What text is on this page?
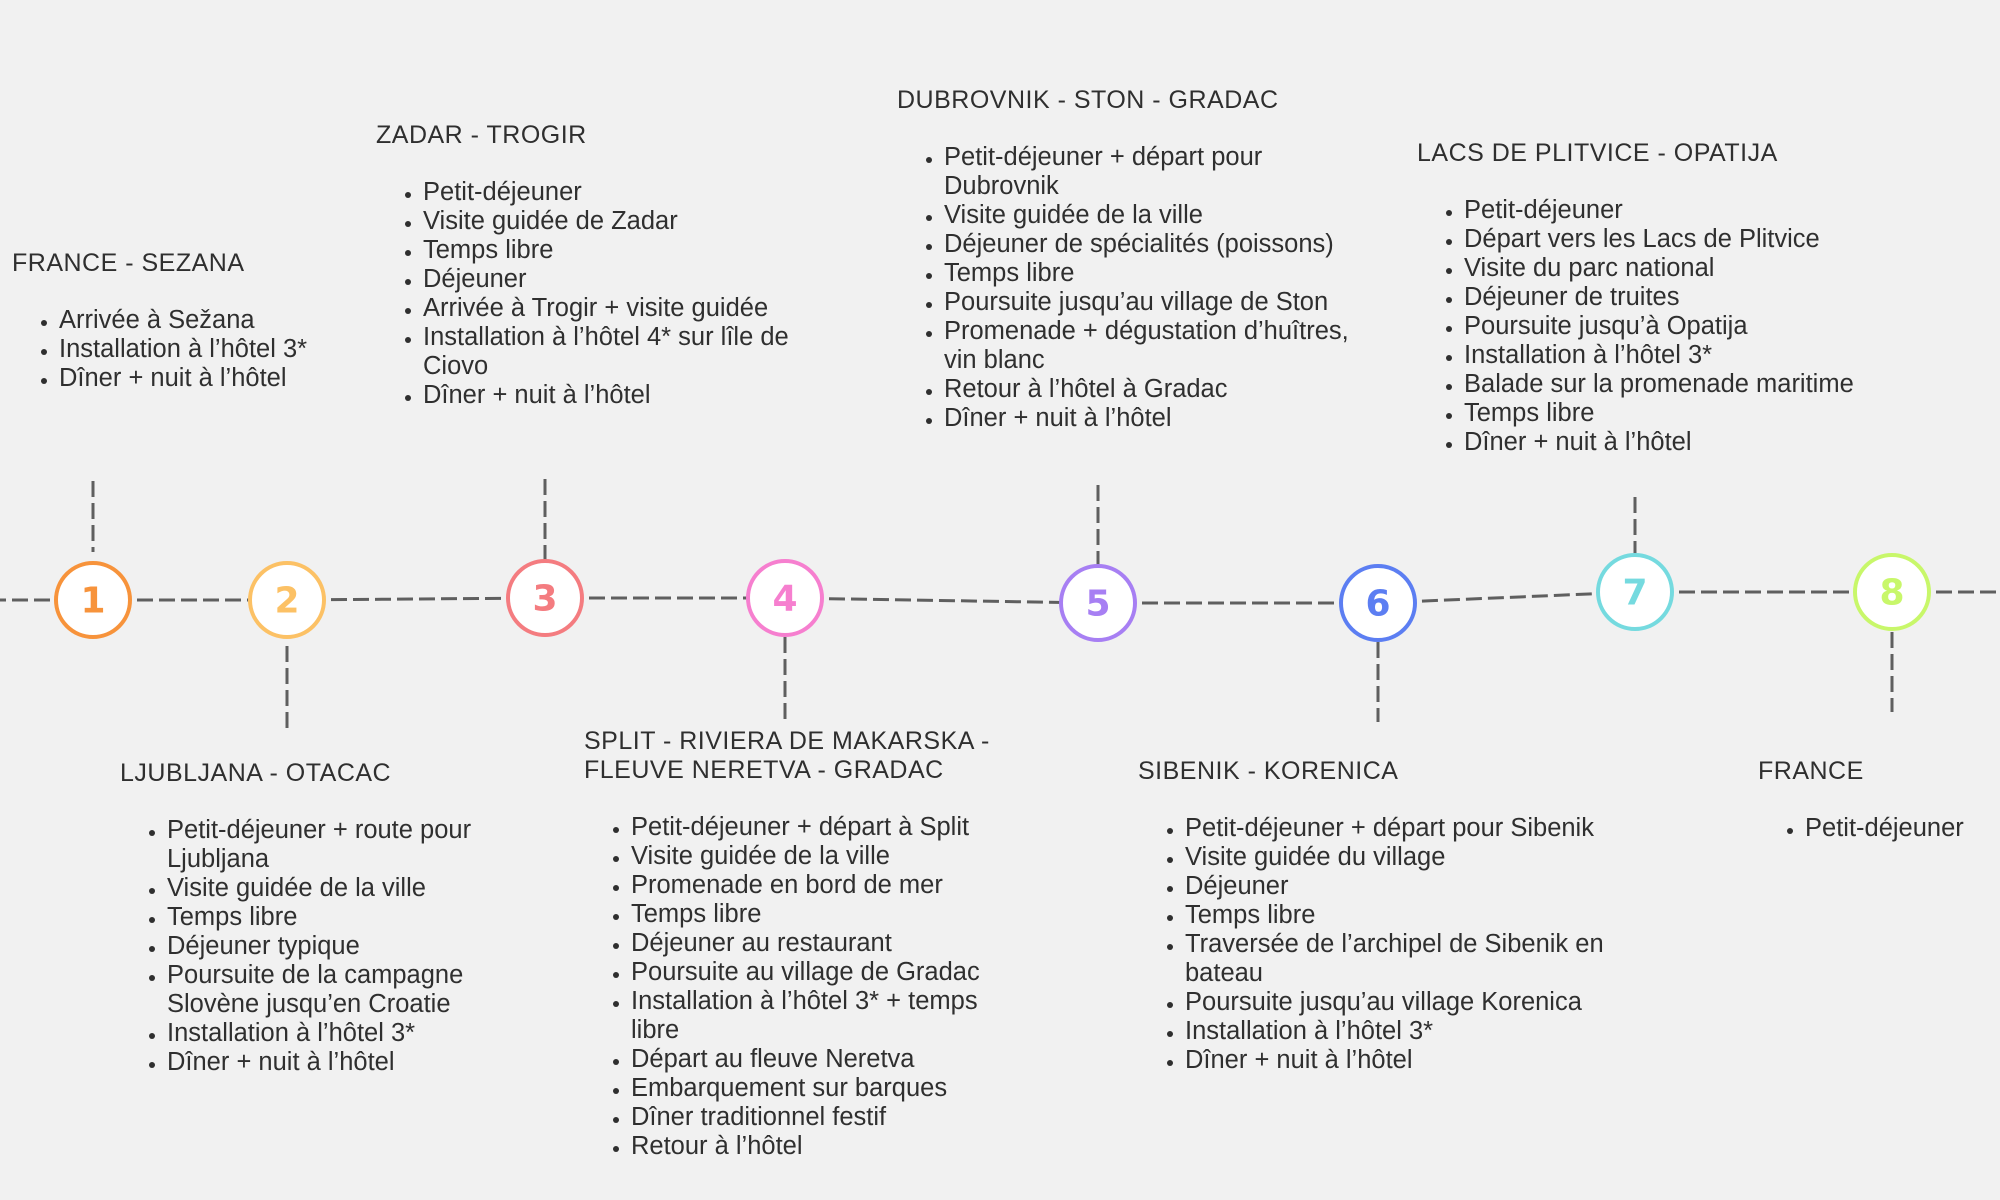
1	2	3	4	5	6	7	8
FRANCE - SEZANA
• Arrivée à Sežana
• Installation à l’hôtel 3*
• Dîner + nuit à l’hôtel
LJUBLJANA - OTACAC
• Petit-déjeuner + route pour Ljubljana
• Visite guidée de la ville
• Temps libre
• Déjeuner typique
• Poursuite de la campagne Slovène jusqu’en Croatie
• Installation à l’hôtel 3*
• Dîner + nuit à l’hôtel
ZADAR - TROGIR
• Petit-déjeuner
• Visite guidée de Zadar
• Temps libre
• Déjeuner
• Arrivée à Trogir + visite guidée
• Installation à l’hôtel 4* sur lîle de Ciovo
• Dîner + nuit à l’hôtel
SPLIT - RIVIERA DE MAKARSKA -
FLEUVE NERETVA - GRADAC
• Petit-déjeuner + départ à Split
• Visite guidée de la ville
• Promenade en bord de mer
• Temps libre
• Déjeuner au restaurant
• Poursuite au village de Gradac
• Installation à l’hôtel 3* + temps libre
• Départ au fleuve Neretva
• Embarquement sur barques
• Dîner traditionnel festif
• Retour à l’hôtel
DUBROVNIK - STON - GRADAC
• Petit-déjeuner + départ pour Dubrovnik
• Visite guidée de la ville
• Déjeuner de spécialités (poissons)
• Temps libre
• Poursuite jusqu’au village de Ston
• Promenade + dégustation d’huîtres, vin blanc
• Retour à l’hôtel à Gradac
• Dîner + nuit à l’hôtel
SIBENIK - KORENICA
• Petit-déjeuner + départ pour Sibenik
• Visite guidée du village
• Déjeuner
• Temps libre
• Traversée de l’archipel de Sibenik en bateau
• Poursuite jusqu’au village Korenica
• Installation à l’hôtel 3*
• Dîner + nuit à l’hôtel
LACS DE PLITVICE - OPATIJA
• Petit-déjeuner
• Départ vers les Lacs de Plitvice
• Visite du parc national
• Déjeuner de truites
• Poursuite jusqu’à Opatija
• Installation à l’hôtel 3*
• Balade sur la promenade maritime
• Temps libre
• Dîner + nuit à l’hôtel
FRANCE
• Petit-déjeuner
